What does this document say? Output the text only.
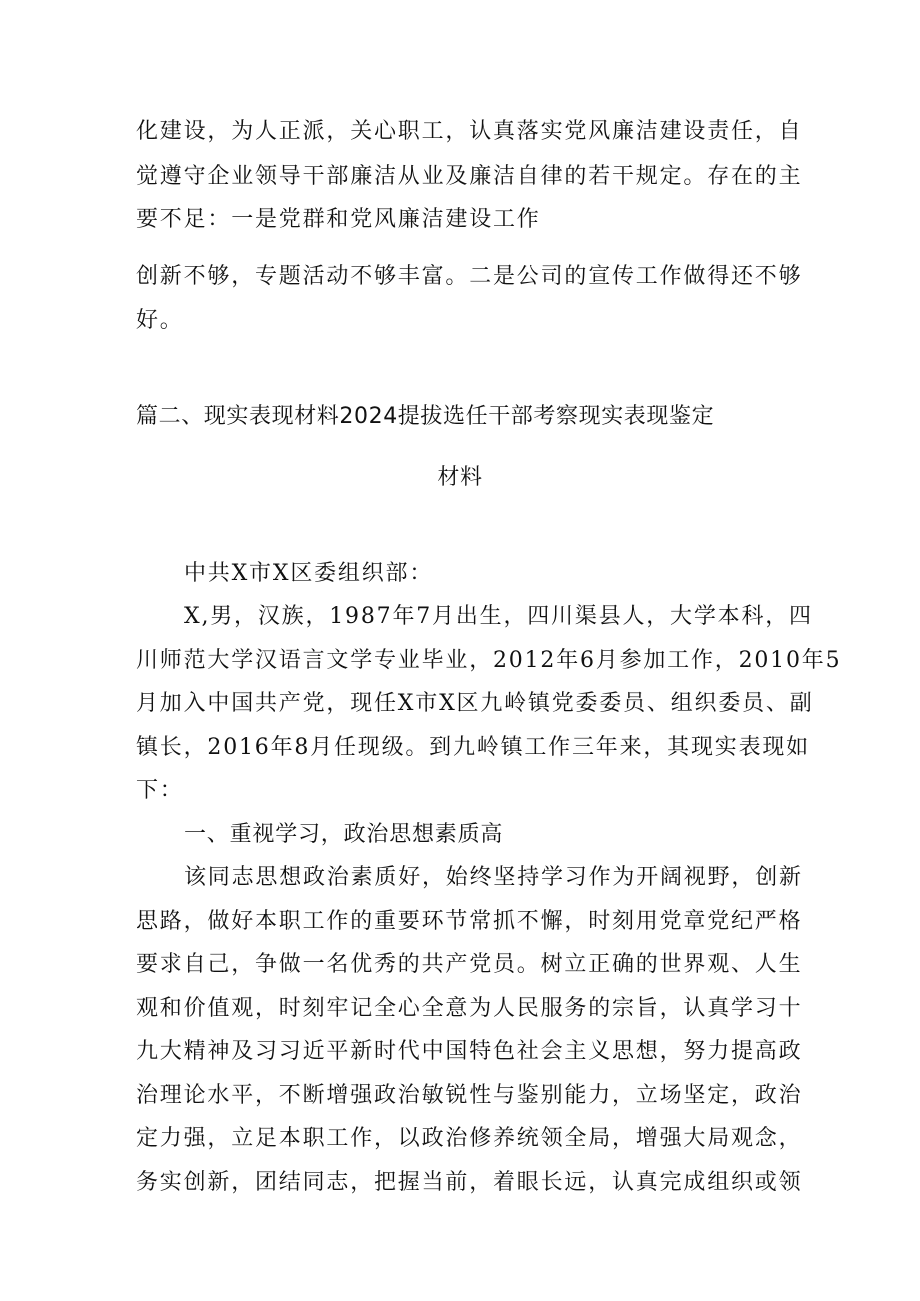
化建设，为人正派，关心职工，认真落实党风廉洁建设责任，自
觉遵守企业领导干部廉洁从业及廉洁自律的若干规定。存在的主
要不足：一是党群和党风廉洁建设工作
创新不够，专题活动不够丰富。二是公司的宣传工作做得还不够
好。
篇二、现实表现材料2024提拔选任干部考察现实表现鉴定
材料
中共X市X区委组织部：
X,男，汉族，1987年7月出生，四川渠县人，大学本科，四
川师范大学汉语言文学专业毕业，2012年6月参加工作，2010年5
月加入中国共产党，现任X市X区九岭镇党委委员、组织委员、副
镇长，2016年8月任现级。到九岭镇工作三年来，其现实表现如
下：
一、重视学习，政治思想素质高
该同志思想政治素质好，始终坚持学习作为开阔视野，创新
思路，做好本职工作的重要环节常抓不懈，时刻用党章党纪严格
要求自己，争做一名优秀的共产党员。树立正确的世界观、人生
观和价值观，时刻牢记全心全意为人民服务的宗旨，认真学习十
九大精神及习习近平新时代中国特色社会主义思想，努力提高政
治理论水平，不断增强政治敏锐性与鉴别能力，立场坚定，政治
定力强，立足本职工作，以政治修养统领全局，增强大局观念，
务实创新，团结同志，把握当前，着眼长远，认真完成组织或领
